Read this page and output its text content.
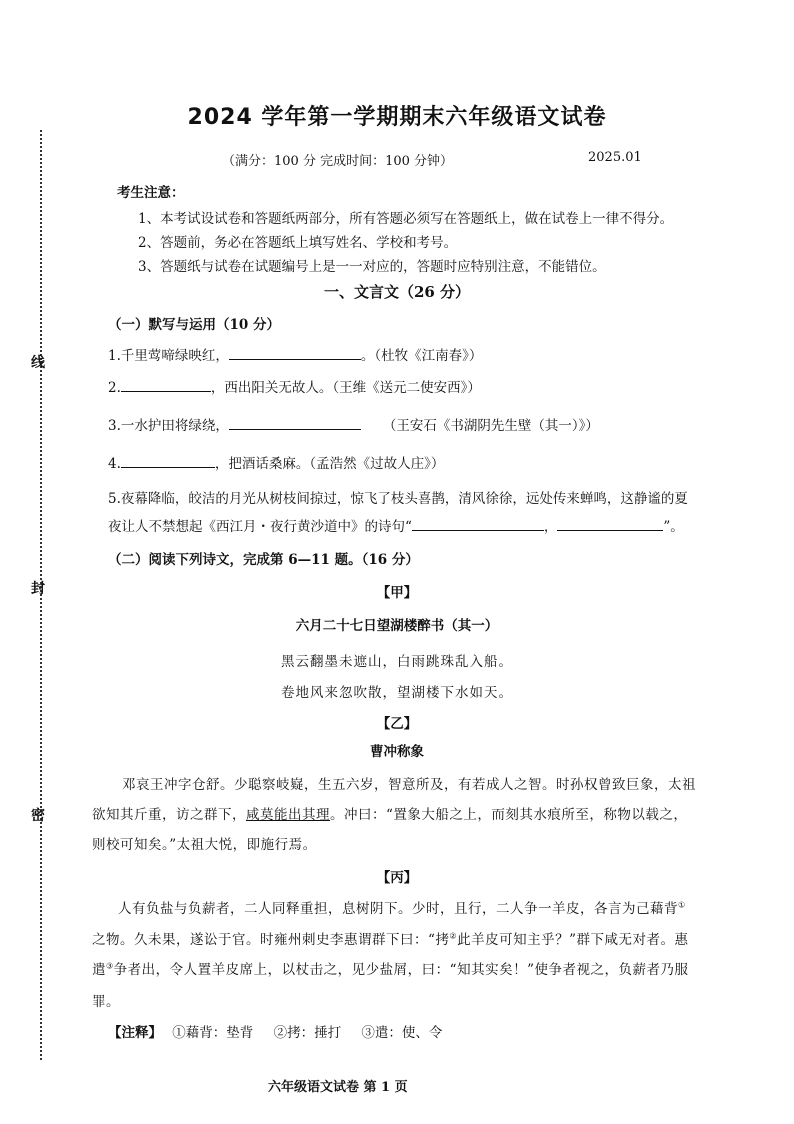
线
封
密
2024 学年第一学期期末六年级语文试卷
（满分：100 分 完成时间：100 分钟）	2025.01
考生注意：
1、本考试设试卷和答题纸两部分，所有答题必须写在答题纸上，做在试卷上一律不得分。
2、答题前，务必在答题纸上填写姓名、学校和考号。
3、答题纸与试卷在试题编号上是一一对应的，答题时应特别注意，不能错位。
一、文言文（26 分）
（一）默写与运用（10 分）
1.千里莺啼绿映红，	。（杜牧《江南春》）
2.	，西出阳关无故人。（王维《送元二使安西》）
3.一水护田将绿绕，	（王安石《书湖阴先生壁（其一）》）
4.	，把酒话桑麻。（孟浩然《过故人庄》）
5.夜幕降临，皎洁的月光从树枝间掠过，惊飞了枝头喜鹊，清风徐徐，远处传来蝉鸣，这静谧的夏
夜让人不禁想起《西江月・夜行黄沙道中》的诗句“	，	”。
（二）阅读下列诗文，完成第 6—11 题。（16 分）
【甲】
六月二十七日望湖楼醉书（其一）
黑云翻墨未遮山，白雨跳珠乱入船。
卷地风来忽吹散，望湖楼下水如天。
【乙】
曹冲称象
邓哀王冲字仓舒。少聪察岐嶷，生五六岁，智意所及，有若成人之智。时孙权曾致巨象，太祖
欲知其斤重，访之群下，咸莫能出其理。冲曰：“置象大船之上，而刻其水痕所至，称物以载之，
则校可知矣。”太祖大悦，即施行焉。
【丙】
人有负盐与负薪者，二人同释重担，息树阴下。少时，且行，二人争一羊皮，各言为己藉背①
之物。久未果，遂讼于官。时雍州刺史李惠谓群下曰：“拷②此羊皮可知主乎？”群下咸无对者。惠
遣③争者出，令人置羊皮席上，以杖击之，见少盐屑，曰：“知其实矣！”使争者视之，负薪者乃服
罪。
【注释】 ①藉背：垫背 ②拷：捶打 ③遣：使、令
六年级语文试卷 第 1 页
